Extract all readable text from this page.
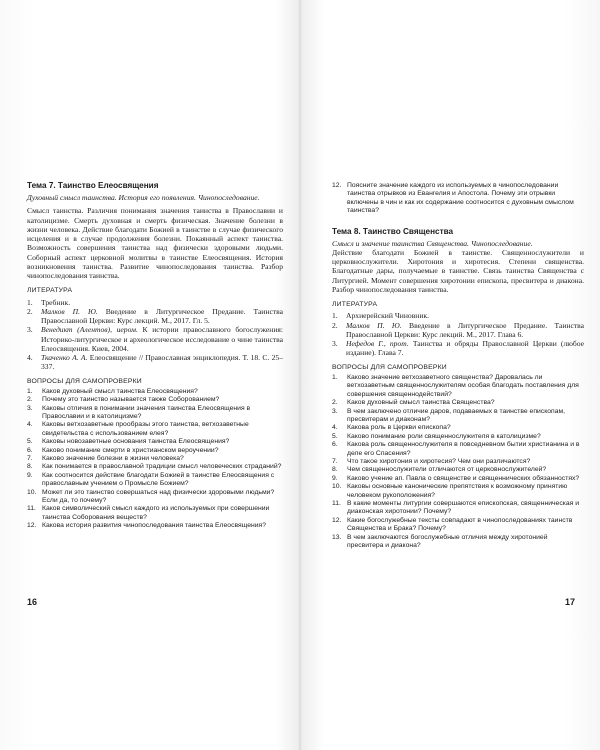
Тема 7. Таинство Елеосвящения
Духовный смысл таинства. История его появления. Чинопоследование.
Смысл таинства. Различия понимания значения таинства в Православии и католицизме. Смерть духовная и смерть физическая. Значение болезни в жизни человека. Действие благодати Божией в таинстве в случае физического исцеления и в случае продолжения болезни. Покаянный аспект таинства. Возможность совершения таинства над физически здоровыми людьми. Соборный аспект церковной молитвы в таинстве Елеосвящения. История возникновения таинства. Развитие чинопоследования таинства. Разбор чинопоследования таинства.
ЛИТЕРАТУРА
1. Требник.
2. Малков П. Ю. Введение в Литургическое Предание. Таинства Православной Церкви: Курс лекций. М., 2017. Гл. 5.
3. Венедикт (Алентов), иером. К истории православного богослужения: Историко-литургическое и археологическое исследование о чине таинства Елеосвящения. Киев, 2004.
4. Ткаченко А. А. Елеосвящение // Православная энциклопедия. Т. 18. С. 25–337.
ВОПРОСЫ ДЛЯ САМОПРОВЕРКИ
1. Каков духовный смысл таинства Елеосвящения?
2. Почему это таинство называется также Соборованием?
3. Каковы отличия в понимании значения таинства Елеосвящения в Православии и в католицизме?
4. Каковы ветхозаветные прообразы этого таинства, ветхозаветные свидетельства с использованием елея?
5. Каковы новозаветные основания таинства Елеосвящения?
6. Каково понимание смерти в христианском вероучении?
7. Каково значение болезни в жизни человека?
8. Как понимается в православной традиции смысл человеческих страданий?
9. Как соотносится действие благодати Божией в таинстве Елеосвящения с православным учением о Промысле Божием?
10. Может ли это таинство совершаться над физически здоровыми людьми? Если да, то почему?
11. Каков символический смысл каждого из используемых при совершении таинства Соборования веществ?
12. Какова история развития чинопоследования таинства Елеосвящения?
16
12. Поясните значение каждого из используемых в чинопоследовании таинства отрывков из Евангелия и Апостола. Почему эти отрывки включены в чин и как их содержание соотносится с духовным смыслом таинства?
Тема 8. Таинство Священства
Смысл и значение таинства Священства. Чинопоследование.
Действие благодати Божией в таинстве. Священнослужители и церковнослужители. Хиротония и хиротесия. Степени священства. Благодатные дары, получаемые в таинстве. Связь таинства Священства с Литургией. Момент совершения хиротонии епископа, пресвитера и диакона. Разбор чинопоследования таинства.
ЛИТЕРАТУРА
1. Архиерейский Чиновник.
2. Малков П. Ю. Введение в Литургическое Предание. Таинства Православной Церкви: Курс лекций. М., 2017. Глава 6.
3. Нефедов Г., прот. Таинства и обряды Православной Церкви (любое издание). Глава 7.
ВОПРОСЫ ДЛЯ САМОПРОВЕРКИ
1. Каково значение ветхозаветного священства? Даровалась ли ветхозаветным священнослужителям особая благодать поставления для совершения священнодействий?
2. Каков духовный смысл таинства Священства?
3. В чем заключено отличие даров, подаваемых в таинстве епископам, пресвитерам и диаконам?
4. Какова роль в Церкви епископа?
5. Каково понимание роли священнослужителя в католицизме?
6. Какова роль священнослужителя в повседневном бытии христианина и в деле его Спасения?
7. Что такое хиротония и хиротесия? Чем они различаются?
8. Чем священнослужители отличаются от церковнослужителей?
9. Каково учение ап. Павла о священстве и священнических обязанностях?
10. Каковы основные канонические препятствия к возможному принятию человеком рукоположения?
11. В какие моменты литургии совершаются епископская, священническая и диаконская хиротонии? Почему?
12. Какие богослужебные тексты совпадают в чинопоследованиях таинств Священства и Брака? Почему?
13. В чем заключаются богослужебные отличия между хиротонией пресвитера и диакона?
17
